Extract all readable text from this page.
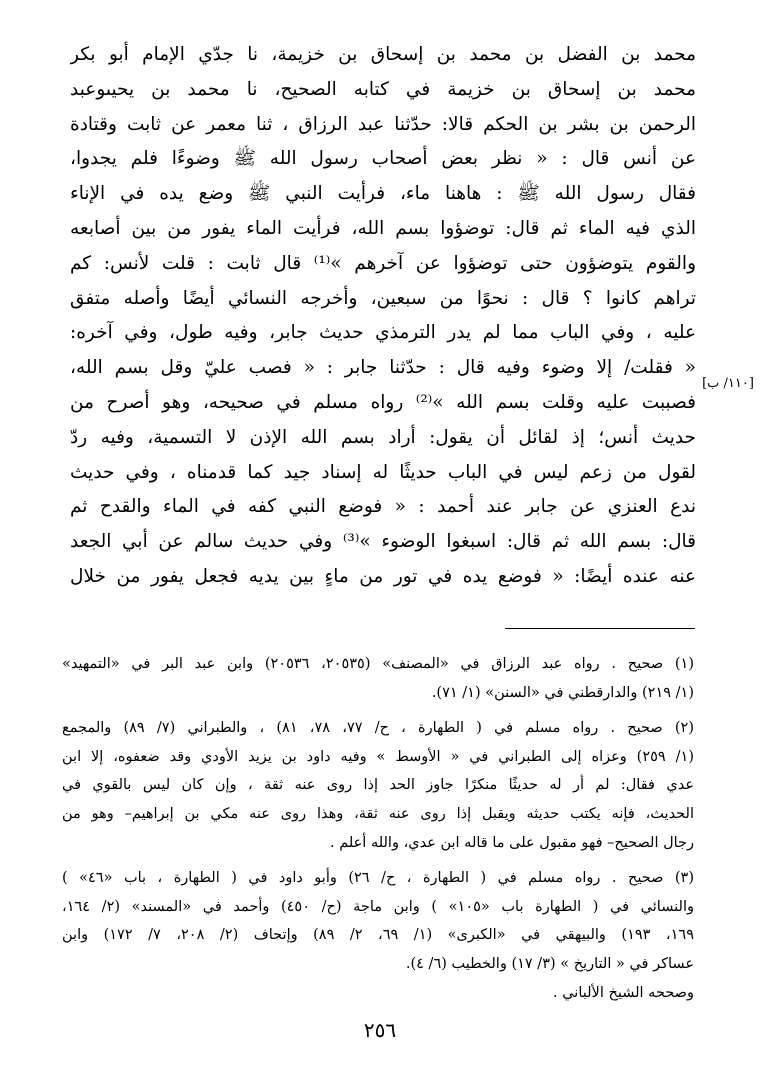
محمد بن الفضل بن محمد بن إسحاق بن خزيمة، نا جدّي الإمام أبو بكر
محمد بن إسحاق بن خزيمة في كتابه الصحيح، نا محمد بن يحيىوعبد
الرحمن بن بشر بن الحكم قالا: حدّثنا عبد الرزاق ، ثنا معمر عن ثابت وقتادة
عن أنس قال : « نظر بعض أصحاب رسول الله ﷺ وضوءًا فلم يجدوا،
فقال رسول الله ﷺ : هاهنا ماء، فرأيت النبي ﷺ وضع يده في الإناء
الذي فيه الماء ثم قال: توضؤوا بسم الله، فرأيت الماء يفور من بين أصابعه
والقوم يتوضؤون حتى توضؤوا عن آخرهم »⁽¹⁾ قال ثابت : قلت لأنس: كم
تراهم كانوا ؟ قال : نحوًا من سبعين، وأخرجه النسائي أيضًا وأصله متفق
عليه ، وفي الباب مما لم يدر الترمذي حديث جابر، وفيه طول، وفي آخره:
« فقلت/ إلا وضوء وفيه قال : حدّثنا جابر : « فصب عليّ وقل بسم الله،
فصببت عليه وقلت بسم الله »⁽²⁾ رواه مسلم في صحيحه، وهو أصرح من
حديث أنس؛ إذ لقائل أن يقول: أراد بسم الله الإذن لا التسمية، وفيه ردّ
لقول من زعم ليس في الباب حديثًا له إسناد جيد كما قدمناه ، وفي حديث
ندع العنزي عن جابر عند أحمد : « فوضع النبي كفه في الماء والقدح ثم
قال: بسم الله ثم قال: اسبغوا الوضوء »⁽³⁾ وفي حديث سالم عن أبي الجعد
عنه عنده أيضًا: « فوضع يده في تور من ماءٍ بين يديه فجعل يفور من خلال
[١١٠/ ب]
(١) صحيح . رواه عبد الرزاق في «المصنف» (٢٠٥٣٥، ٢٠٥٣٦) وابن عبد البر في «التمهيد»
(١/ ٢١٩) والدارقطني في «السنن» (١/ ٧١).
(٢) صحيح . رواه مسلم في ( الطهارة ، ح/ ٧٧، ٧٨، ٨١) ، والطبراني (٧/ ٨٩) والمجمع
(١/ ٢٥٩) وعزاه إلى الطبراني في « الأوسط » وفيه داود بن يزيد الأودي وقد ضعفوه، إلا ابن
عدي فقال: لم أر له حديثًا منكرًا جاوز الحد إذا روى عنه ثقة ، وإن كان ليس بالقوي في
الحديث، فإنه يكتب حديثه ويقبل إذا روى عنه ثقة، وهذا روى عنه مكي بن إبراهيم– وهو من
رجال الصحيح– فهو مقبول على ما قاله ابن عدي، والله أعلم .
(٣) صحيح . رواه مسلم في ( الطهارة ، ح/ ٢٦) وأبو داود في ( الطهارة ، باب «٤٦» )
والنسائي في ( الطهارة باب «١٠٥» ) وابن ماجة (ح/ ٤٥٠) وأحمد في «المسند» (٢/ ١٦٤،
١٦٩، ١٩٣) والبيهقي في «الكبرى» (١/ ٦٩، ٢/ ٨٩) وإتحاف (٢/ ٢٠٨، ٧/ ١٧٢) وابن
عساكر في « التاريخ » (٣/ ١٧) والخطيب (٦/ ٤).
وصححه الشيخ الألباني .
٢٥٦
